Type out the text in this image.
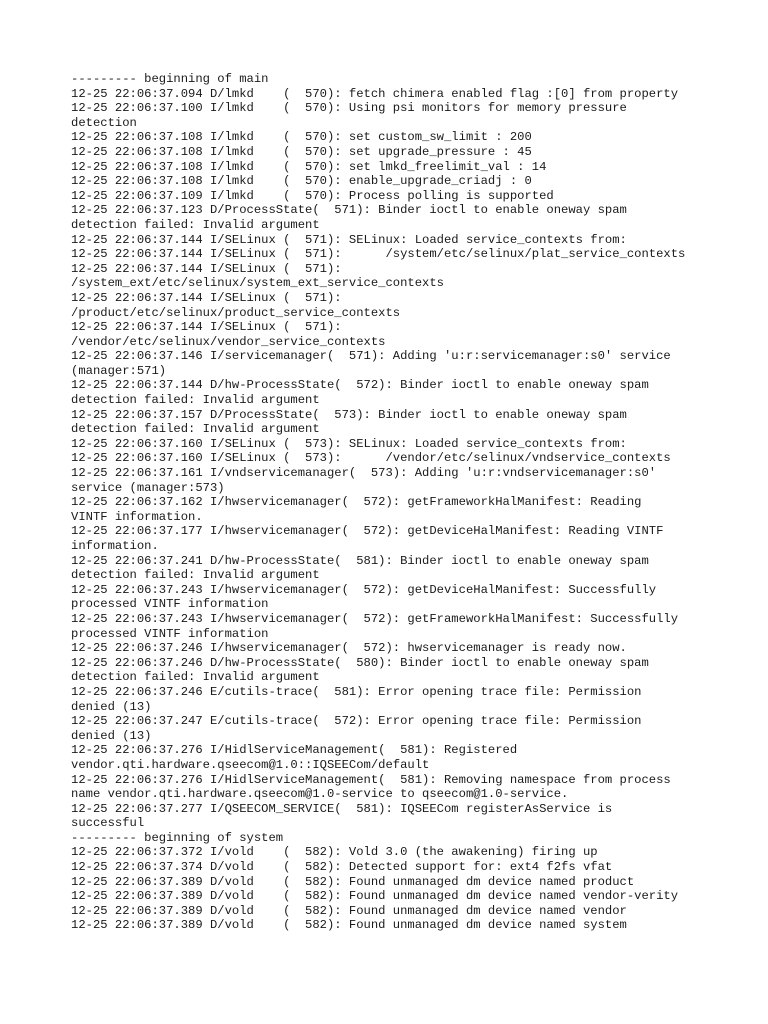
--------- beginning of main
12-25 22:06:37.094 D/lmkd    (  570): fetch chimera enabled flag :[0] from property
12-25 22:06:37.100 I/lmkd    (  570): Using psi monitors for memory pressure
detection
12-25 22:06:37.108 I/lmkd    (  570): set custom_sw_limit : 200
12-25 22:06:37.108 I/lmkd    (  570): set upgrade_pressure : 45
12-25 22:06:37.108 I/lmkd    (  570): set lmkd_freelimit_val : 14
12-25 22:06:37.108 I/lmkd    (  570): enable_upgrade_criadj : 0
12-25 22:06:37.109 I/lmkd    (  570): Process polling is supported
12-25 22:06:37.123 D/ProcessState(  571): Binder ioctl to enable oneway spam
detection failed: Invalid argument
12-25 22:06:37.144 I/SELinux (  571): SELinux: Loaded service_contexts from:
12-25 22:06:37.144 I/SELinux (  571):      /system/etc/selinux/plat_service_contexts
12-25 22:06:37.144 I/SELinux (  571):
/system_ext/etc/selinux/system_ext_service_contexts
12-25 22:06:37.144 I/SELinux (  571):
/product/etc/selinux/product_service_contexts
12-25 22:06:37.144 I/SELinux (  571):
/vendor/etc/selinux/vendor_service_contexts
12-25 22:06:37.146 I/servicemanager(  571): Adding 'u:r:servicemanager:s0' service
(manager:571)
12-25 22:06:37.144 D/hw-ProcessState(  572): Binder ioctl to enable oneway spam
detection failed: Invalid argument
12-25 22:06:37.157 D/ProcessState(  573): Binder ioctl to enable oneway spam
detection failed: Invalid argument
12-25 22:06:37.160 I/SELinux (  573): SELinux: Loaded service_contexts from:
12-25 22:06:37.160 I/SELinux (  573):      /vendor/etc/selinux/vndservice_contexts
12-25 22:06:37.161 I/vndservicemanager(  573): Adding 'u:r:vndservicemanager:s0'
service (manager:573)
12-25 22:06:37.162 I/hwservicemanager(  572): getFrameworkHalManifest: Reading
VINTF information.
12-25 22:06:37.177 I/hwservicemanager(  572): getDeviceHalManifest: Reading VINTF
information.
12-25 22:06:37.241 D/hw-ProcessState(  581): Binder ioctl to enable oneway spam
detection failed: Invalid argument
12-25 22:06:37.243 I/hwservicemanager(  572): getDeviceHalManifest: Successfully
processed VINTF information
12-25 22:06:37.243 I/hwservicemanager(  572): getFrameworkHalManifest: Successfully
processed VINTF information
12-25 22:06:37.246 I/hwservicemanager(  572): hwservicemanager is ready now.
12-25 22:06:37.246 D/hw-ProcessState(  580): Binder ioctl to enable oneway spam
detection failed: Invalid argument
12-25 22:06:37.246 E/cutils-trace(  581): Error opening trace file: Permission
denied (13)
12-25 22:06:37.247 E/cutils-trace(  572): Error opening trace file: Permission
denied (13)
12-25 22:06:37.276 I/HidlServiceManagement(  581): Registered
vendor.qti.hardware.qseecom@1.0::IQSEECom/default
12-25 22:06:37.276 I/HidlServiceManagement(  581): Removing namespace from process
name vendor.qti.hardware.qseecom@1.0-service to qseecom@1.0-service.
12-25 22:06:37.277 I/QSEECOM_SERVICE(  581): IQSEECom registerAsService is
successful
--------- beginning of system
12-25 22:06:37.372 I/vold    (  582): Vold 3.0 (the awakening) firing up
12-25 22:06:37.374 D/vold    (  582): Detected support for: ext4 f2fs vfat
12-25 22:06:37.389 D/vold    (  582): Found unmanaged dm device named product
12-25 22:06:37.389 D/vold    (  582): Found unmanaged dm device named vendor-verity
12-25 22:06:37.389 D/vold    (  582): Found unmanaged dm device named vendor
12-25 22:06:37.389 D/vold    (  582): Found unmanaged dm device named system
